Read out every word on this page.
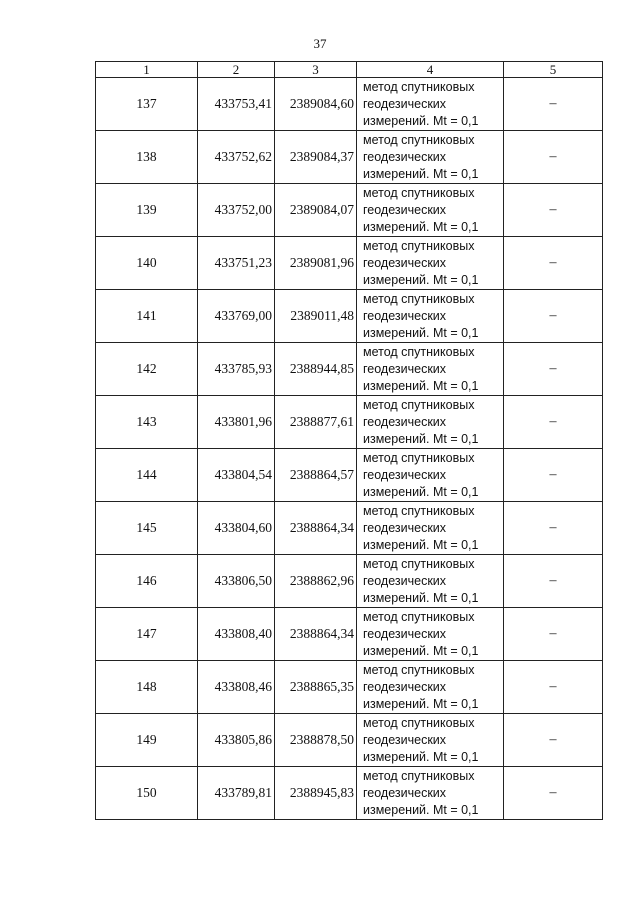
37
1	2	3	4	5
137	433753,41	2389084,60	метод спутниковых
геодезических
измерений. Mt = 0,1	–
138	433752,62	2389084,37	метод спутниковых
геодезических
измерений. Mt = 0,1	–
139	433752,00	2389084,07	метод спутниковых
геодезических
измерений. Mt = 0,1	–
140	433751,23	2389081,96	метод спутниковых
геодезических
измерений. Mt = 0,1	–
141	433769,00	2389011,48	метод спутниковых
геодезических
измерений. Mt = 0,1	–
142	433785,93	2388944,85	метод спутниковых
геодезических
измерений. Mt = 0,1	–
143	433801,96	2388877,61	метод спутниковых
геодезических
измерений. Mt = 0,1	–
144	433804,54	2388864,57	метод спутниковых
геодезических
измерений. Mt = 0,1	–
145	433804,60	2388864,34	метод спутниковых
геодезических
измерений. Mt = 0,1	–
146	433806,50	2388862,96	метод спутниковых
геодезических
измерений. Mt = 0,1	–
147	433808,40	2388864,34	метод спутниковых
геодезических
измерений. Mt = 0,1	–
148	433808,46	2388865,35	метод спутниковых
геодезических
измерений. Mt = 0,1	–
149	433805,86	2388878,50	метод спутниковых
геодезических
измерений. Mt = 0,1	–
150	433789,81	2388945,83	метод спутниковых
геодезических
измерений. Mt = 0,1	–
